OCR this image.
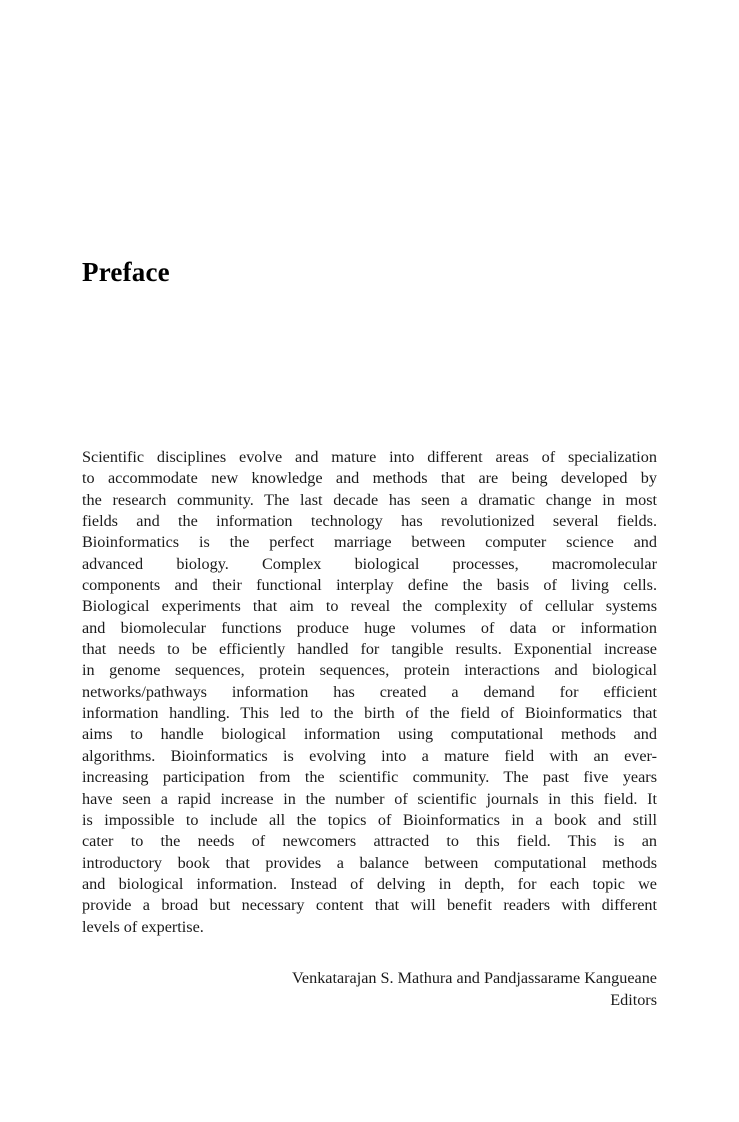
Preface
Scientific disciplines evolve and mature into different areas of specialization
to accommodate new knowledge and methods that are being developed by
the research community. The last decade has seen a dramatic change in most
fields and the information technology has revolutionized several fields.
Bioinformatics is the perfect marriage between computer science and
advanced biology. Complex biological processes, macromolecular
components and their functional interplay define the basis of living cells.
Biological experiments that aim to reveal the complexity of cellular systems
and biomolecular functions produce huge volumes of data or information
that needs to be efficiently handled for tangible results. Exponential increase
in genome sequences, protein sequences, protein interactions and biological
networks/pathways information has created a demand for efficient
information handling. This led to the birth of the field of Bioinformatics that
aims to handle biological information using computational methods and
algorithms. Bioinformatics is evolving into a mature field with an ever-
increasing participation from the scientific community. The past five years
have seen a rapid increase in the number of scientific journals in this field. It
is impossible to include all the topics of Bioinformatics in a book and still
cater to the needs of newcomers attracted to this field. This is an
introductory book that provides a balance between computational methods
and biological information. Instead of delving in depth, for each topic we
provide a broad but necessary content that will benefit readers with different
levels of expertise.
Venkatarajan S. Mathura and Pandjassarame Kangueane
Editors
